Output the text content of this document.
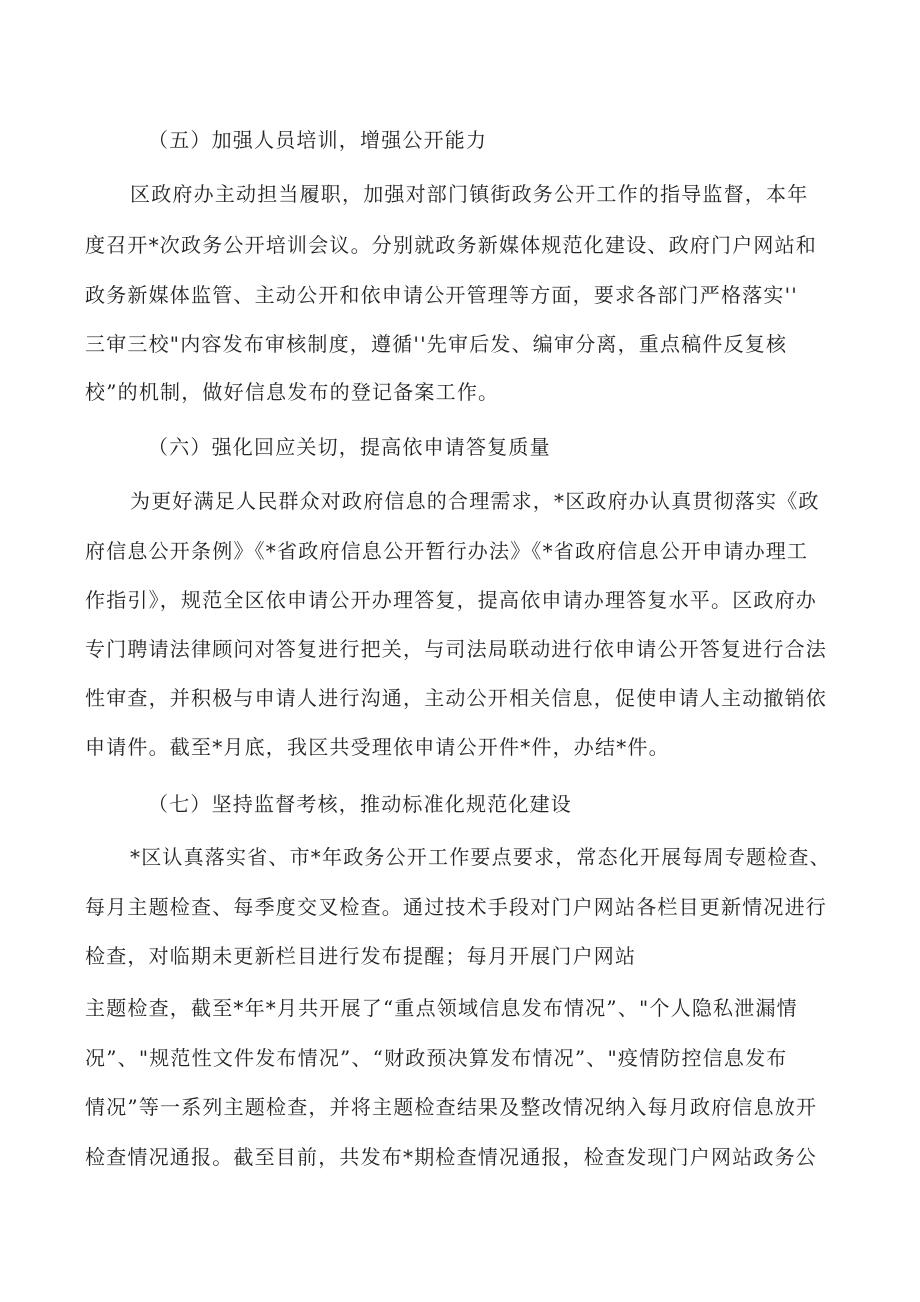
（五）加强人员培训，增强公开能力
区政府办主动担当履职，加强对部门镇街政务公开工作的指导监督，本年
度召开*次政务公开培训会议。分别就政务新媒体规范化建设、政府门户网站和
政务新媒体监管、主动公开和依申请公开管理等方面，要求各部门严格落实''
三审三校"内容发布审核制度，遵循''先审后发、编审分离，重点稿件反复核
校”的机制，做好信息发布的登记备案工作。
（六）强化回应关切，提高依申请答复质量
为更好满足人民群众对政府信息的合理需求，*区政府办认真贯彻落实《政
府信息公开条例》《*省政府信息公开暂行办法》《*省政府信息公开申请办理工
作指引》，规范全区依申请公开办理答复，提高依申请办理答复水平。区政府办
专门聘请法律顾问对答复进行把关，与司法局联动进行依申请公开答复进行合法
性审查，并积极与申请人进行沟通，主动公开相关信息，促使申请人主动撤销依
申请件。截至*月底，我区共受理依申请公开件*件，办结*件。
（七）坚持监督考核，推动标准化规范化建设
*区认真落实省、市*年政务公开工作要点要求，常态化开展每周专题检查、
每月主题检查、每季度交叉检查。通过技术手段对门户网站各栏目更新情况进行
检查，对临期未更新栏目进行发布提醒；每月开展门户网站
主题检查，截至*年*月共开展了“重点领域信息发布情况”、"个人隐私泄漏情
况”、"规范性文件发布情况”、“财政预决算发布情况”、"疫情防控信息发布
情况”等一系列主题检查，并将主题检查结果及整改情况纳入每月政府信息放开
检查情况通报。截至目前，共发布*期检查情况通报，检查发现门户网站政务公
